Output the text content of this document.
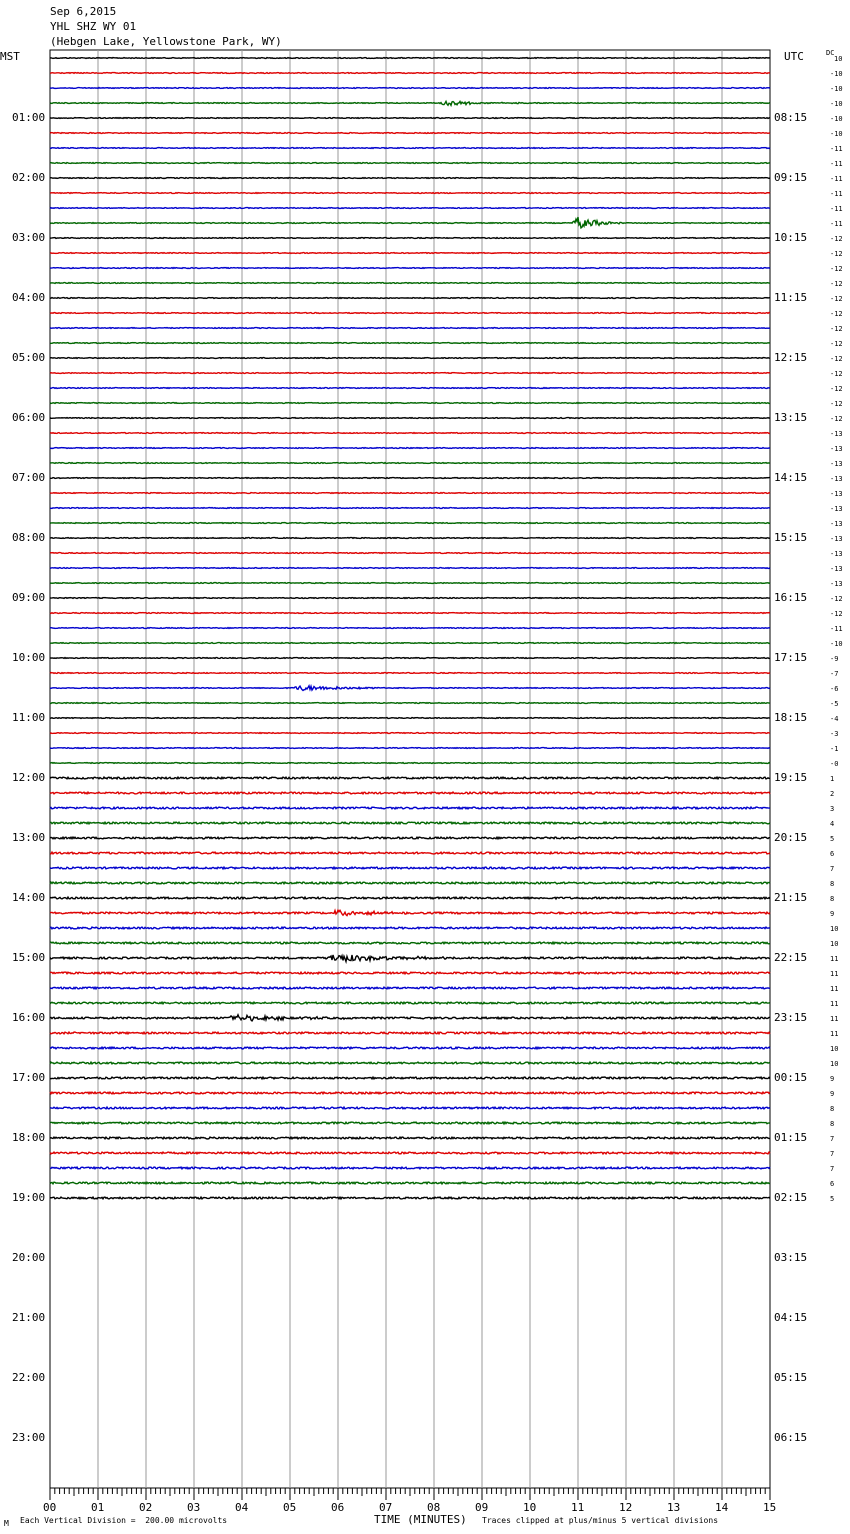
Sep 6,2015
YHL SHZ WY 01
(Hebgen Lake, Yellowstone Park, WY)
MST	UTC	DC
10
-10
-10
-10
-10
-10
-11
-11
-11
-11
-11
-11
-12
-12
-12
-12
-12
-12
-12
-12
-12
-12
-12
-12
-12
-13
-13
-13
-13
-13
-13
-13
-13
-13
-13
-13
-12
-12
-11
-10
-9
-7
-6
-5
-4
-3
-1
-0
1
2
3
4
5
6
7
8
8
9
10
10
11
11
11
11
11
11
10
10
9
9
8
8
7
7
7
6
5
01:00	08:15
02:00	09:15
03:00	10:15
04:00	11:15
05:00	12:15
06:00	13:15
07:00	14:15
08:00	15:15
09:00	16:15
10:00	17:15
11:00	18:15
12:00	19:15
13:00	20:15
14:00	21:15
15:00	22:15
16:00	23:15
17:00	00:15
18:00	01:15
19:00	02:15
20:00	03:15
21:00	04:15
22:00	05:15
23:00	06:15
00	01	02	03	04	05	06	07	08	09	10	11	12	13	14	15
M Each Vertical Division =  200.00 microvolts	TIME (MINUTES) Traces clipped at plus/minus 5 vertical divisions
